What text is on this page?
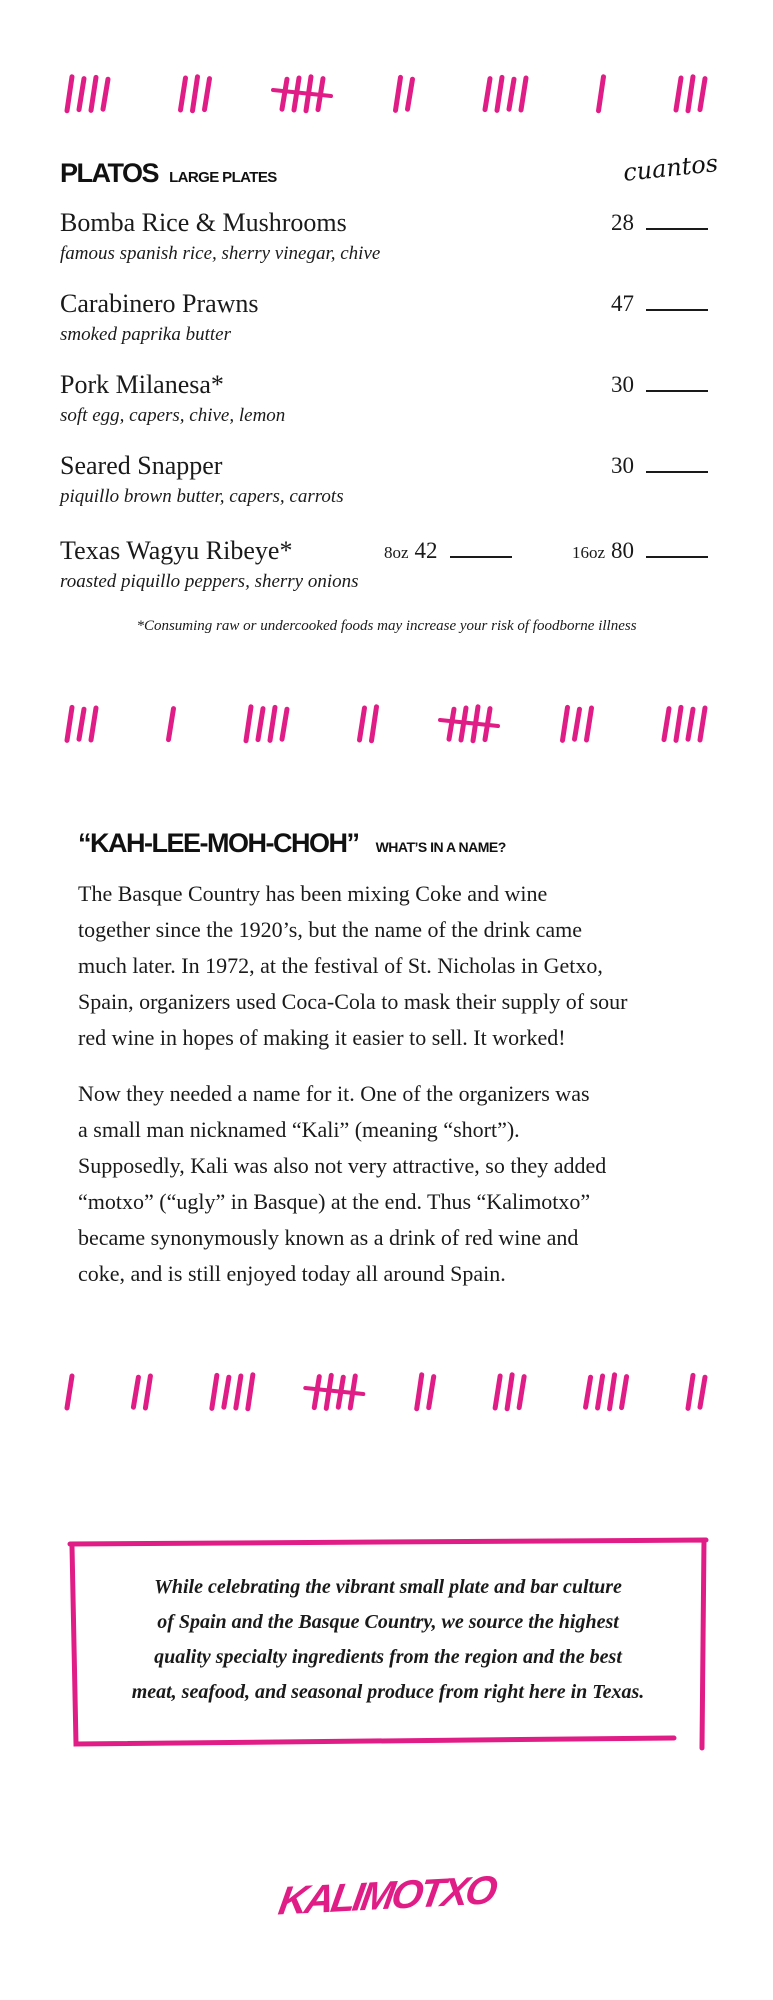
PLATOS LARGE PLATES	cuantos
Bomba Rice & Mushrooms
famous spanish rice, sherry vinegar, chive
28
Carabinero Prawns
smoked paprika butter
47
Pork Milanesa*
soft egg, capers, chive, lemon
30
Seared Snapper
piquillo brown butter, capers, carrots
30
Texas Wagyu Ribeye*
roasted piquillo peppers, sherry onions
8oz 42	16oz 80
*Consuming raw or undercooked foods may increase your risk of foodborne illness
“KAH-LEE-MOH-CHOH” WHAT’S IN A NAME?
The Basque Country has been mixing Coke and wine
together since the 1920’s, but the name of the drink came
much later. In 1972, at the festival of St. Nicholas in Getxo,
Spain, organizers used Coca-Cola to mask their supply of sour
red wine in hopes of making it easier to sell. It worked!
Now they needed a name for it. One of the organizers was
a small man nicknamed “Kali” (meaning “short”).
Supposedly, Kali was also not very attractive, so they added
“motxo” (“ugly” in Basque) at the end. Thus “Kalimotxo”
became synonymously known as a drink of red wine and
coke, and is still enjoyed today all around Spain.
While celebrating the vibrant small plate and bar culture
of Spain and the Basque Country, we source the highest
quality specialty ingredients from the region and the best
meat, seafood, and seasonal produce from right here in Texas.
KALIMOTXO
